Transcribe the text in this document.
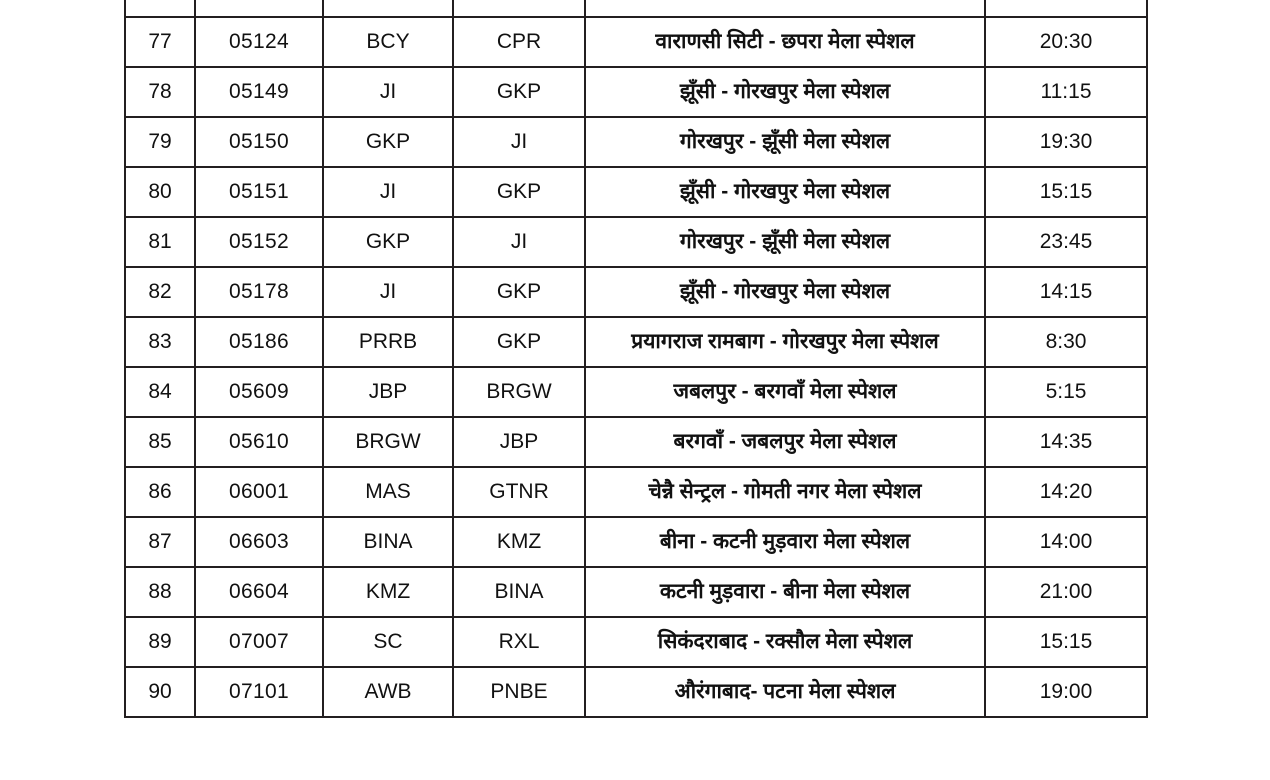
77	05124	BCY	CPR	वाराणसी सिटी - छपरा मेला स्पेशल	20:30
78	05149	JI	GKP	झूँसी - गोरखपुर मेला स्पेशल	11:15
79	05150	GKP	JI	गोरखपुर - झूँसी मेला स्पेशल	19:30
80	05151	JI	GKP	झूँसी - गोरखपुर मेला स्पेशल	15:15
81	05152	GKP	JI	गोरखपुर - झूँसी मेला स्पेशल	23:45
82	05178	JI	GKP	झूँसी - गोरखपुर मेला स्पेशल	14:15
83	05186	PRRB	GKP	प्रयागराज रामबाग - गोरखपुर मेला स्पेशल	8:30
84	05609	JBP	BRGW	जबलपुर - बरगवाँ मेला स्पेशल	5:15
85	05610	BRGW	JBP	बरगवाँ - जबलपुर मेला स्पेशल	14:35
86	06001	MAS	GTNR	चेन्नै सेन्ट्रल - गोमती नगर मेला स्पेशल	14:20
87	06603	BINA	KMZ	बीना - कटनी मुड़वारा मेला स्पेशल	14:00
88	06604	KMZ	BINA	कटनी मुड़वारा - बीना मेला स्पेशल	21:00
89	07007	SC	RXL	सिकंदराबाद - रक्सौल मेला स्पेशल	15:15
90	07101	AWB	PNBE	औरंगाबाद- पटना मेला स्पेशल	19:00
